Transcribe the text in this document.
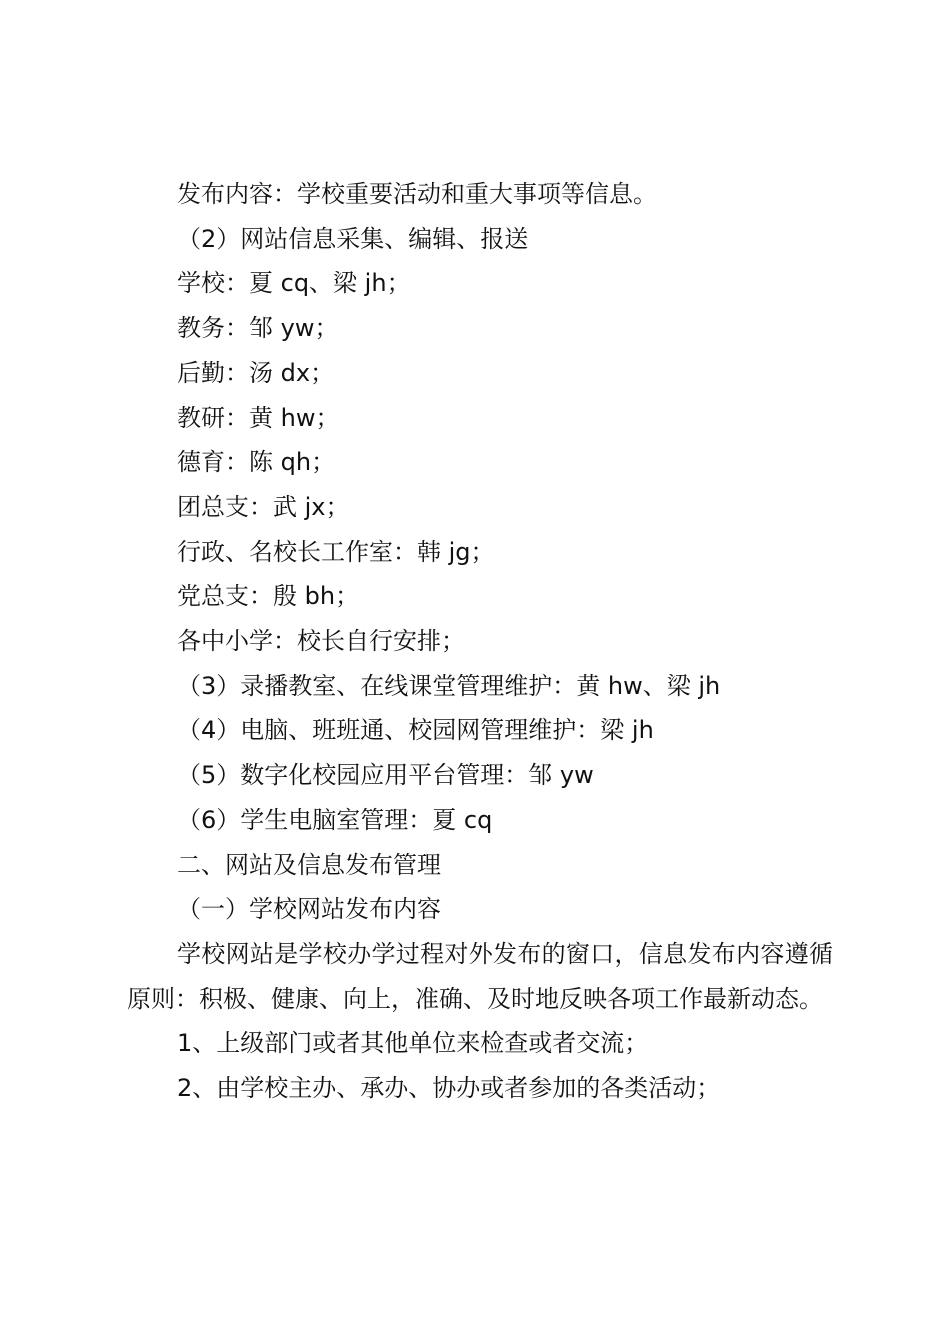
发布内容：学校重要活动和重大事项等信息。
（2）网站信息采集、编辑、报送
学校：夏 cq、梁 jh；
教务：邹 yw；
后勤：汤 dx；
教研：黄 hw；
德育：陈 qh；
团总支：武 jx；
行政、名校长工作室：韩 jg；
党总支：殷 bh；
各中小学：校长自行安排；
（3）录播教室、在线课堂管理维护：黄 hw、梁 jh
（4）电脑、班班通、校园网管理维护：梁 jh
（5）数字化校园应用平台管理：邹 yw
（6）学生电脑室管理：夏 cq
二、网站及信息发布管理
（一）学校网站发布内容
学校网站是学校办学过程对外发布的窗口，信息发布内容遵循原则：积极、健康、向上，准确、及时地反映各项工作最新动态。
1、上级部门或者其他单位来检查或者交流；
2、由学校主办、承办、协办或者参加的各类活动；
